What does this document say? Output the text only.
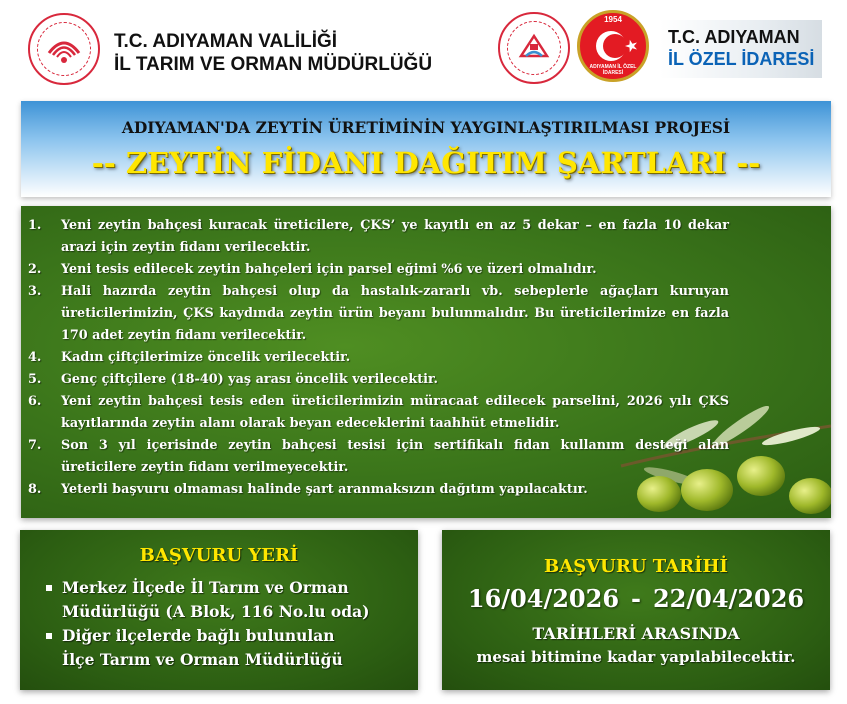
T.C. ADIYAMAN VALİLİĞİ
İL TARIM VE ORMAN MÜDÜRLÜĞÜ
1954
ADIYAMAN İL ÖZEL İDARESİ
T.C. ADIYAMAN
İL ÖZEL İDARESİ
ADIYAMAN'DA ZEYTİN ÜRETİMİNİN YAYGINLAŞTIRILMASI PROJESİ
-- ZEYTİN FİDANI DAĞITIM ŞARTLARI --
1. Yeni zeytin bahçesi kuracak üreticilere, ÇKS’ ye kayıtlı en az 5 dekar – en fazla 10 dekar arazi için zeytin fidanı verilecektir.
2. Yeni tesis edilecek zeytin bahçeleri için parsel eğimi %6 ve üzeri olmalıdır.
3. Hali hazırda zeytin bahçesi olup da hastalık-zararlı vb. sebeplerle ağaçları kuruyan üreticilerimizin, ÇKS kaydında zeytin ürün beyanı bulunmalıdır. Bu üreticilerimize en fazla 170 adet zeytin fidanı verilecektir.
4. Kadın çiftçilerimize öncelik verilecektir.
5. Genç çiftçilere (18-40) yaş arası öncelik verilecektir.
6. Yeni zeytin bahçesi tesis eden üreticilerimizin müracaat edilecek parselini, 2026 yılı ÇKS kayıtlarında zeytin alanı olarak beyan edeceklerini taahhüt etmelidir.
7. Son 3 yıl içerisinde zeytin bahçesi tesisi için sertifikalı fidan kullanım desteği alan üreticilere zeytin fidanı verilmeyecektir.
8. Yeterli başvuru olmaması halinde şart aranmaksızın dağıtım yapılacaktır.
BAŞVURU YERİ
Merkez İlçede İl Tarım ve Orman
Müdürlüğü (A Blok, 116 No.lu oda)
Diğer ilçelerde bağlı bulunulan
İlçe Tarım ve Orman Müdürlüğü
BAŞVURU TARİHİ
16/04/2026 - 22/04/2026
TARİHLERİ ARASINDA
mesai bitimine kadar yapılabilecektir.
